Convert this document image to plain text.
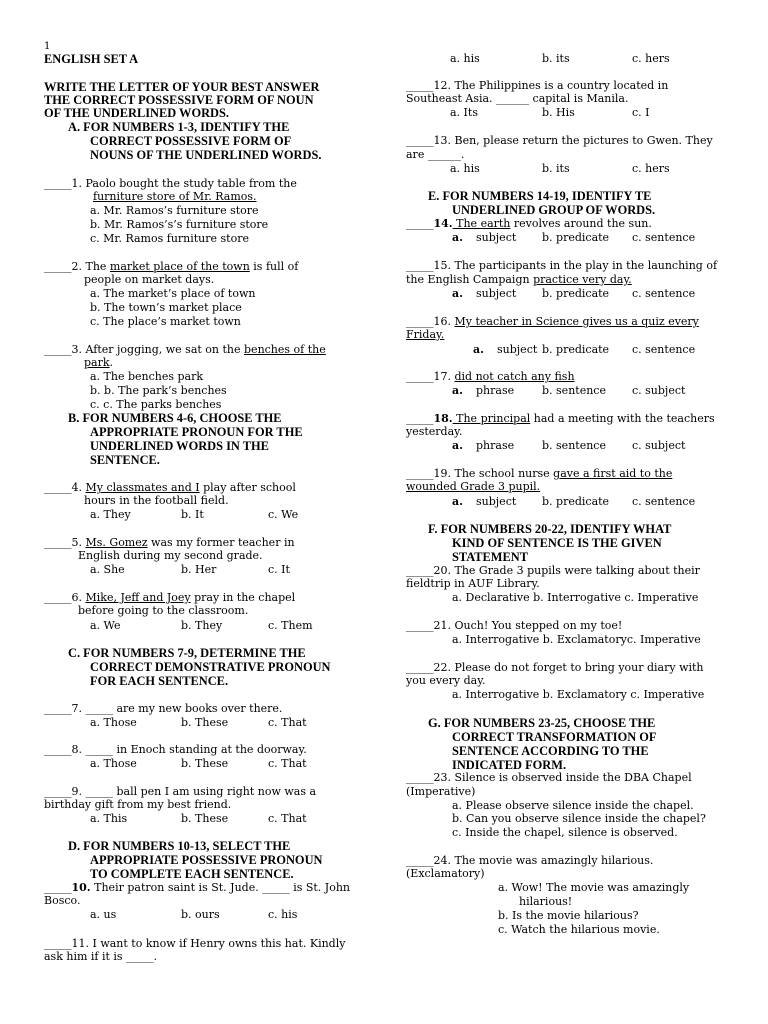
1
ENGLISH SET A
WRITE THE LETTER OF YOUR BEST ANSWER
THE CORRECT POSSESSIVE FORM OF NOUN
OF THE UNDERLINED WORDS.
A. FOR NUMBERS 1-3, IDENTIFY THE
CORRECT POSSESSIVE FORM OF
NOUNS OF THE UNDERLINED WORDS.
_____1. Paolo bought the study table from the
furniture store of Mr. Ramos.
a. Mr. Ramos’s furniture store
b. Mr. Ramos’s’s furniture store
c. Mr. Ramos furniture store
_____2. The market place of the town is full of
people on market days.
a. The market’s place of town
b. The town’s market place
c. The place’s market town
_____3. After jogging, we sat on the benches of the
park.
a. The benches park
b. b. The park’s benches
c. c. The parks benches
B. FOR NUMBERS 4-6, CHOOSE THE
APPROPRIATE PRONOUN FOR THE
UNDERLINED WORDS IN THE
SENTENCE.
_____4. My classmates and I play after school
hours in the football field.
a. They	b. It	c. We
_____5. Ms. Gomez was my former teacher in
English during my second grade.
a. She	b. Her	c. It
_____6. Mike, Jeff and Joey pray in the chapel
before going to the classroom.
a. We	b. They	c. Them
C. FOR NUMBERS 7-9, DETERMINE THE
CORRECT DEMONSTRATIVE PRONOUN
FOR EACH SENTENCE.
_____7. _____ are my new books over there.
a. Those	b. These	c. That
_____8. _____ in Enoch standing at the doorway.
a. Those	b. These	c. That
_____9. _____ ball pen I am using right now was a
birthday gift from my best friend.
a. This	b. These	c. That
D. FOR NUMBERS 10-13, SELECT THE
APPROPRIATE POSSESSIVE PRONOUN
TO COMPLETE EACH SENTENCE.
_____10. Their patron saint is St. Jude. _____ is St. John
Bosco.
a. us	b. ours	c. his
_____11. I want to know if Henry owns this hat. Kindly
ask him if it is _____.
a. his	b. its	c. hers
_____12. The Philippines is a country located in
Southeast Asia. ______ capital is Manila.
a. Its	b. His	c. I
_____13. Ben, please return the pictures to Gwen. They
are ______.
a. his	b. its	c. hers
E. FOR NUMBERS 14-19, IDENTIFY TE
UNDERLINED GROUP OF WORDS.
_____14. The earth revolves around the sun.
a. subject b. predicate c. sentence
_____15. The participants in the play in the launching of
the English Campaign practice very day.
a. subject b. predicate c. sentence
_____16. My teacher in Science gives us a quiz every
Friday.
a. subject b. predicate c. sentence
_____17. did not catch any fish
a. phrase	b. sentence c. subject
_____18. The principal had a meeting with the teachers
yesterday.
a. phrase	b. sentence c. subject
_____19. The school nurse gave a first aid to the
wounded Grade 3 pupil.
a. subject b. predicate c. sentence
F. FOR NUMBERS 20-22, IDENTIFY WHAT
KIND OF SENTENCE IS THE GIVEN
STATEMENT
_____20. The Grade 3 pupils were talking about their
fieldtrip in AUF Library.
a. Declarative b. Interrogative c. Imperative
_____21. Ouch! You stepped on my toe!
a. Interrogative b. Exclamatoryc. Imperative
_____22. Please do not forget to bring your diary with
you every day.
a. Interrogative b. Exclamatory c. Imperative
G. FOR NUMBERS 23-25, CHOOSE THE
CORRECT TRANSFORMATION OF
SENTENCE ACCORDING TO THE
INDICATED FORM.
_____23. Silence is observed inside the DBA Chapel
(Imperative)
a. Please observe silence inside the chapel.
b. Can you observe silence inside the chapel?
c. Inside the chapel, silence is observed.
_____24. The movie was amazingly hilarious.
(Exclamatory)
a. Wow! The movie was amazingly
hilarious!
b. Is the movie hilarious?
c. Watch the hilarious movie.
